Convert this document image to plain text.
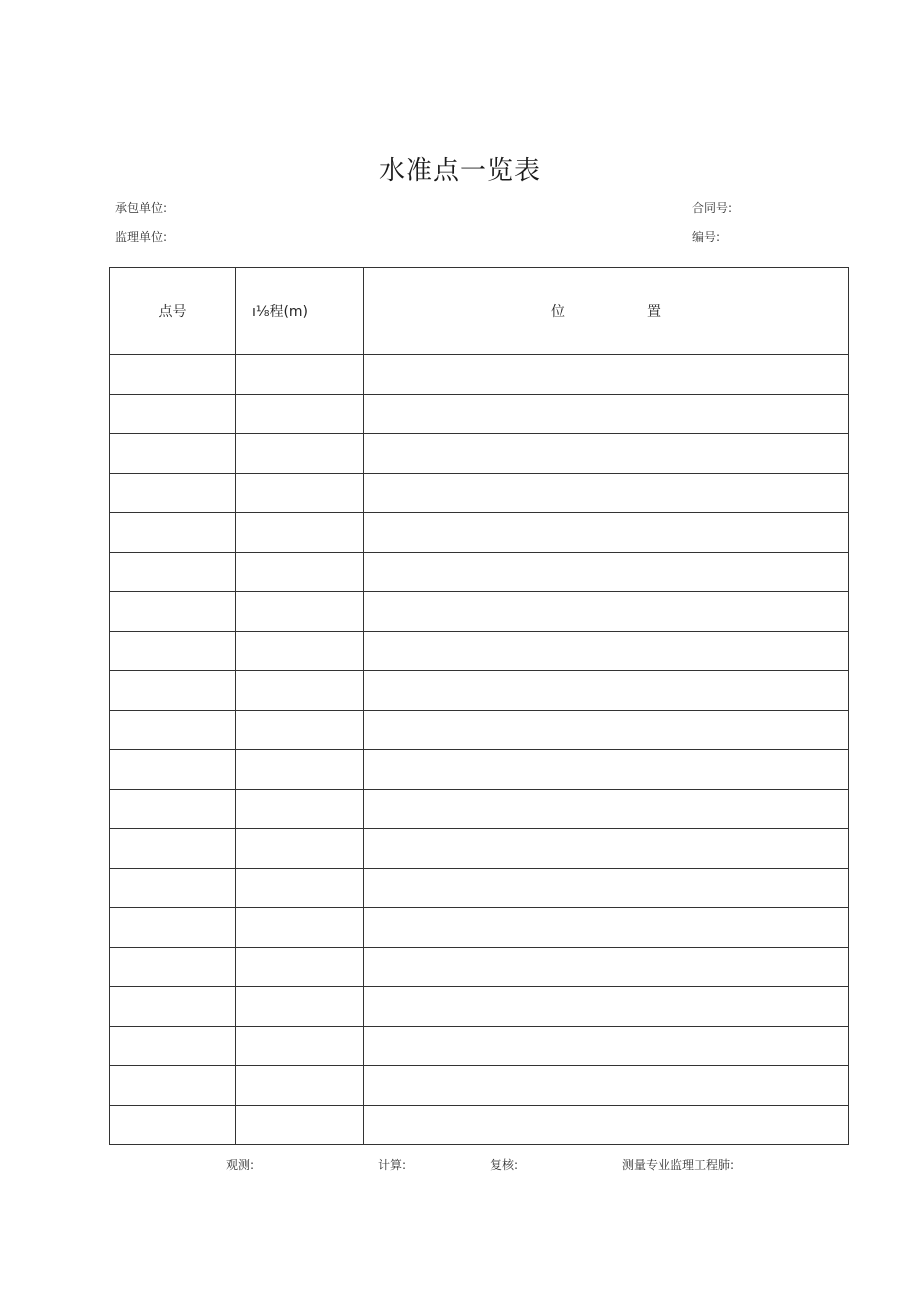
水准点一览表
承包单位:	合同号:
监理单位:	编号:
点号	ı⅛程(m)	位 置

观测:	计算:	复核:	测量专业监理工程肺:
